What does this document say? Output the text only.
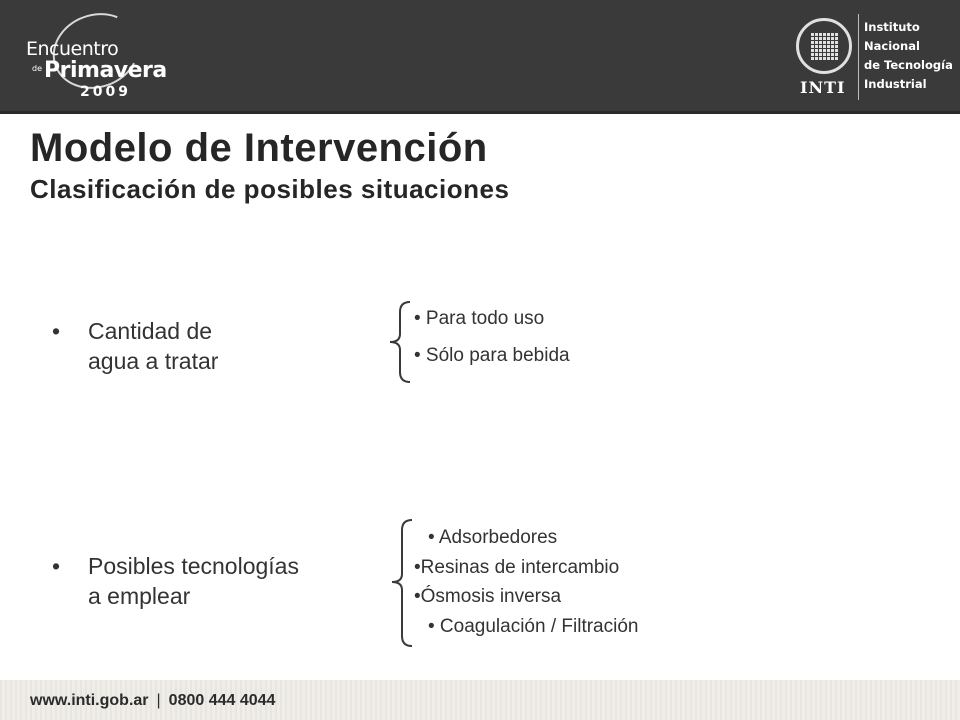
Encuentro
de Primavera
2009	INTI
Instituto
Nacional
de Tecnología
Industrial
Modelo de Intervención
Clasificación de posibles situaciones
• Cantidad de
agua a tratar
• Posibles tecnologías
a emplear
• Para todo uso
• Sólo para bebida
• Adsorbedores
•Resinas de intercambio
•Ósmosis inversa
• Coagulación / Filtración
www.inti.gob.ar | 0800 444 4044
